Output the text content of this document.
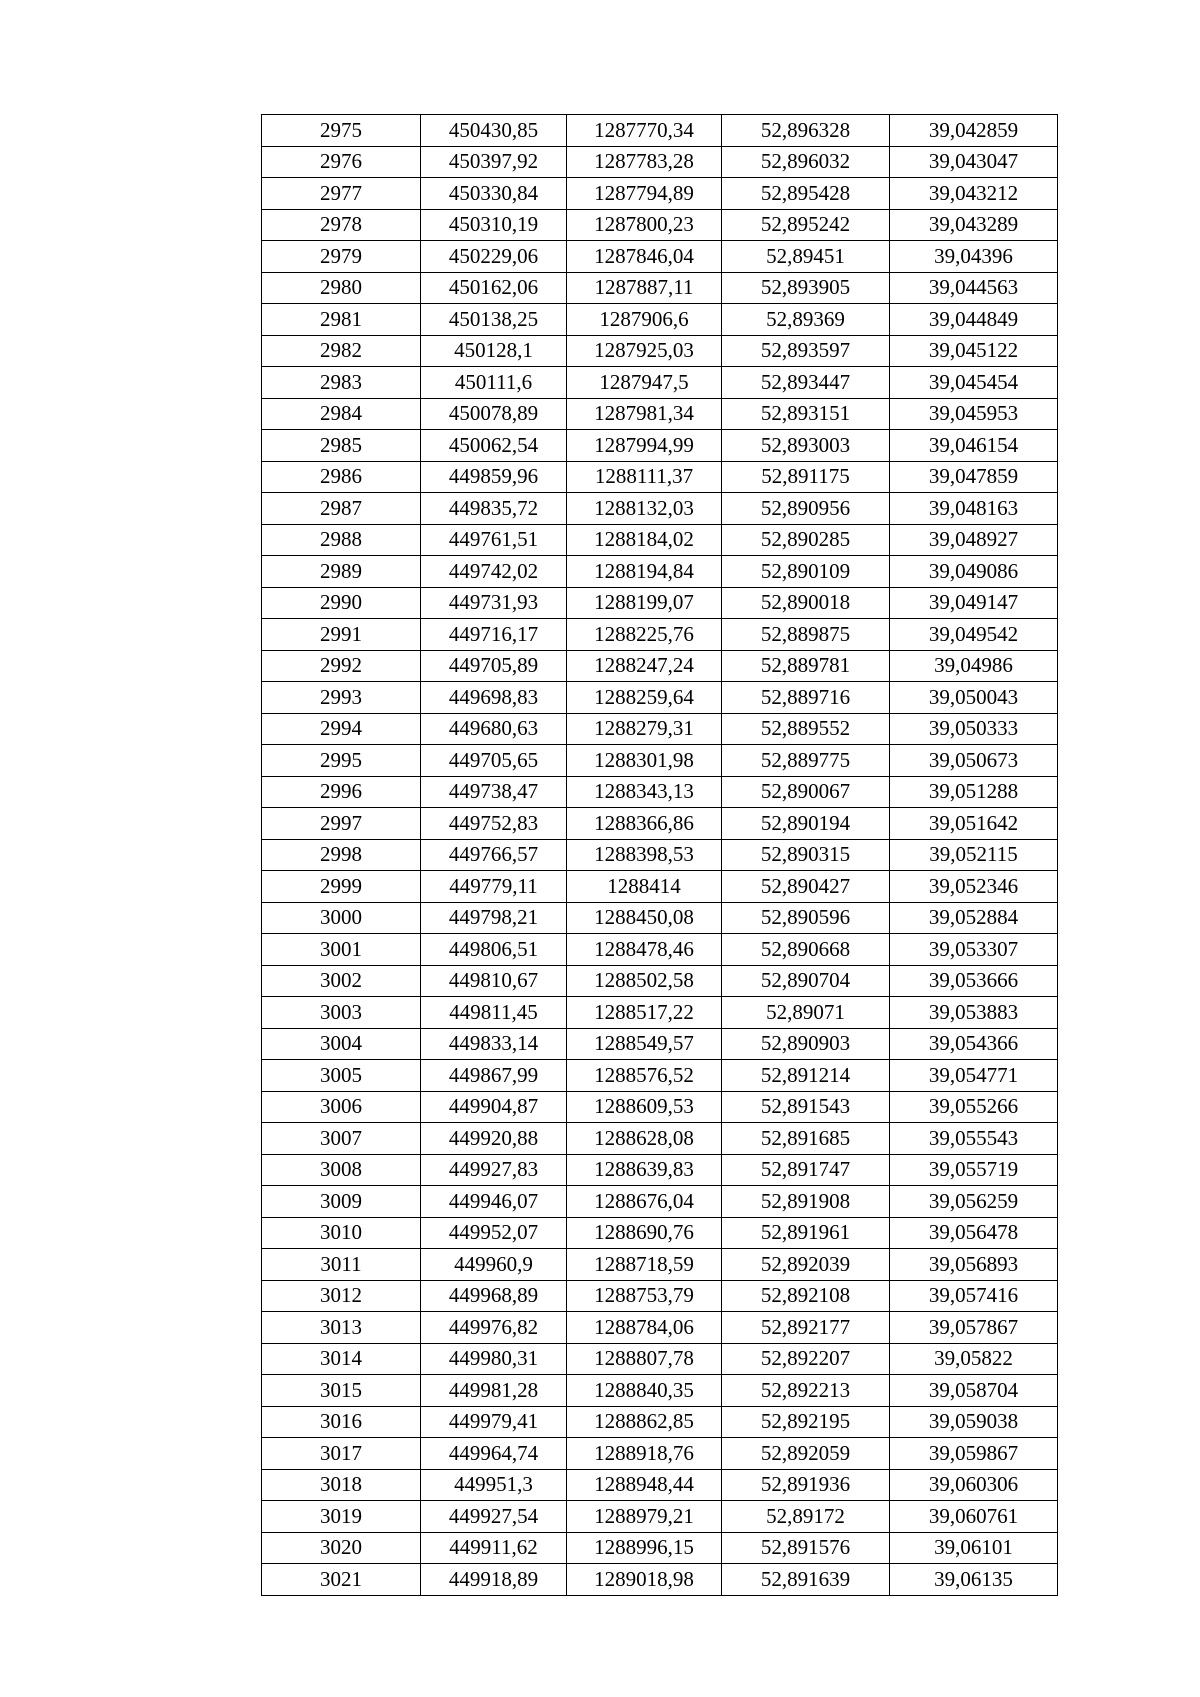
2975	450430,85	1287770,34	52,896328	39,042859
2976	450397,92	1287783,28	52,896032	39,043047
2977	450330,84	1287794,89	52,895428	39,043212
2978	450310,19	1287800,23	52,895242	39,043289
2979	450229,06	1287846,04	52,89451	39,04396
2980	450162,06	1287887,11	52,893905	39,044563
2981	450138,25	1287906,6	52,89369	39,044849
2982	450128,1	1287925,03	52,893597	39,045122
2983	450111,6	1287947,5	52,893447	39,045454
2984	450078,89	1287981,34	52,893151	39,045953
2985	450062,54	1287994,99	52,893003	39,046154
2986	449859,96	1288111,37	52,891175	39,047859
2987	449835,72	1288132,03	52,890956	39,048163
2988	449761,51	1288184,02	52,890285	39,048927
2989	449742,02	1288194,84	52,890109	39,049086
2990	449731,93	1288199,07	52,890018	39,049147
2991	449716,17	1288225,76	52,889875	39,049542
2992	449705,89	1288247,24	52,889781	39,04986
2993	449698,83	1288259,64	52,889716	39,050043
2994	449680,63	1288279,31	52,889552	39,050333
2995	449705,65	1288301,98	52,889775	39,050673
2996	449738,47	1288343,13	52,890067	39,051288
2997	449752,83	1288366,86	52,890194	39,051642
2998	449766,57	1288398,53	52,890315	39,052115
2999	449779,11	1288414	52,890427	39,052346
3000	449798,21	1288450,08	52,890596	39,052884
3001	449806,51	1288478,46	52,890668	39,053307
3002	449810,67	1288502,58	52,890704	39,053666
3003	449811,45	1288517,22	52,89071	39,053883
3004	449833,14	1288549,57	52,890903	39,054366
3005	449867,99	1288576,52	52,891214	39,054771
3006	449904,87	1288609,53	52,891543	39,055266
3007	449920,88	1288628,08	52,891685	39,055543
3008	449927,83	1288639,83	52,891747	39,055719
3009	449946,07	1288676,04	52,891908	39,056259
3010	449952,07	1288690,76	52,891961	39,056478
3011	449960,9	1288718,59	52,892039	39,056893
3012	449968,89	1288753,79	52,892108	39,057416
3013	449976,82	1288784,06	52,892177	39,057867
3014	449980,31	1288807,78	52,892207	39,05822
3015	449981,28	1288840,35	52,892213	39,058704
3016	449979,41	1288862,85	52,892195	39,059038
3017	449964,74	1288918,76	52,892059	39,059867
3018	449951,3	1288948,44	52,891936	39,060306
3019	449927,54	1288979,21	52,89172	39,060761
3020	449911,62	1288996,15	52,891576	39,06101
3021	449918,89	1289018,98	52,891639	39,06135
